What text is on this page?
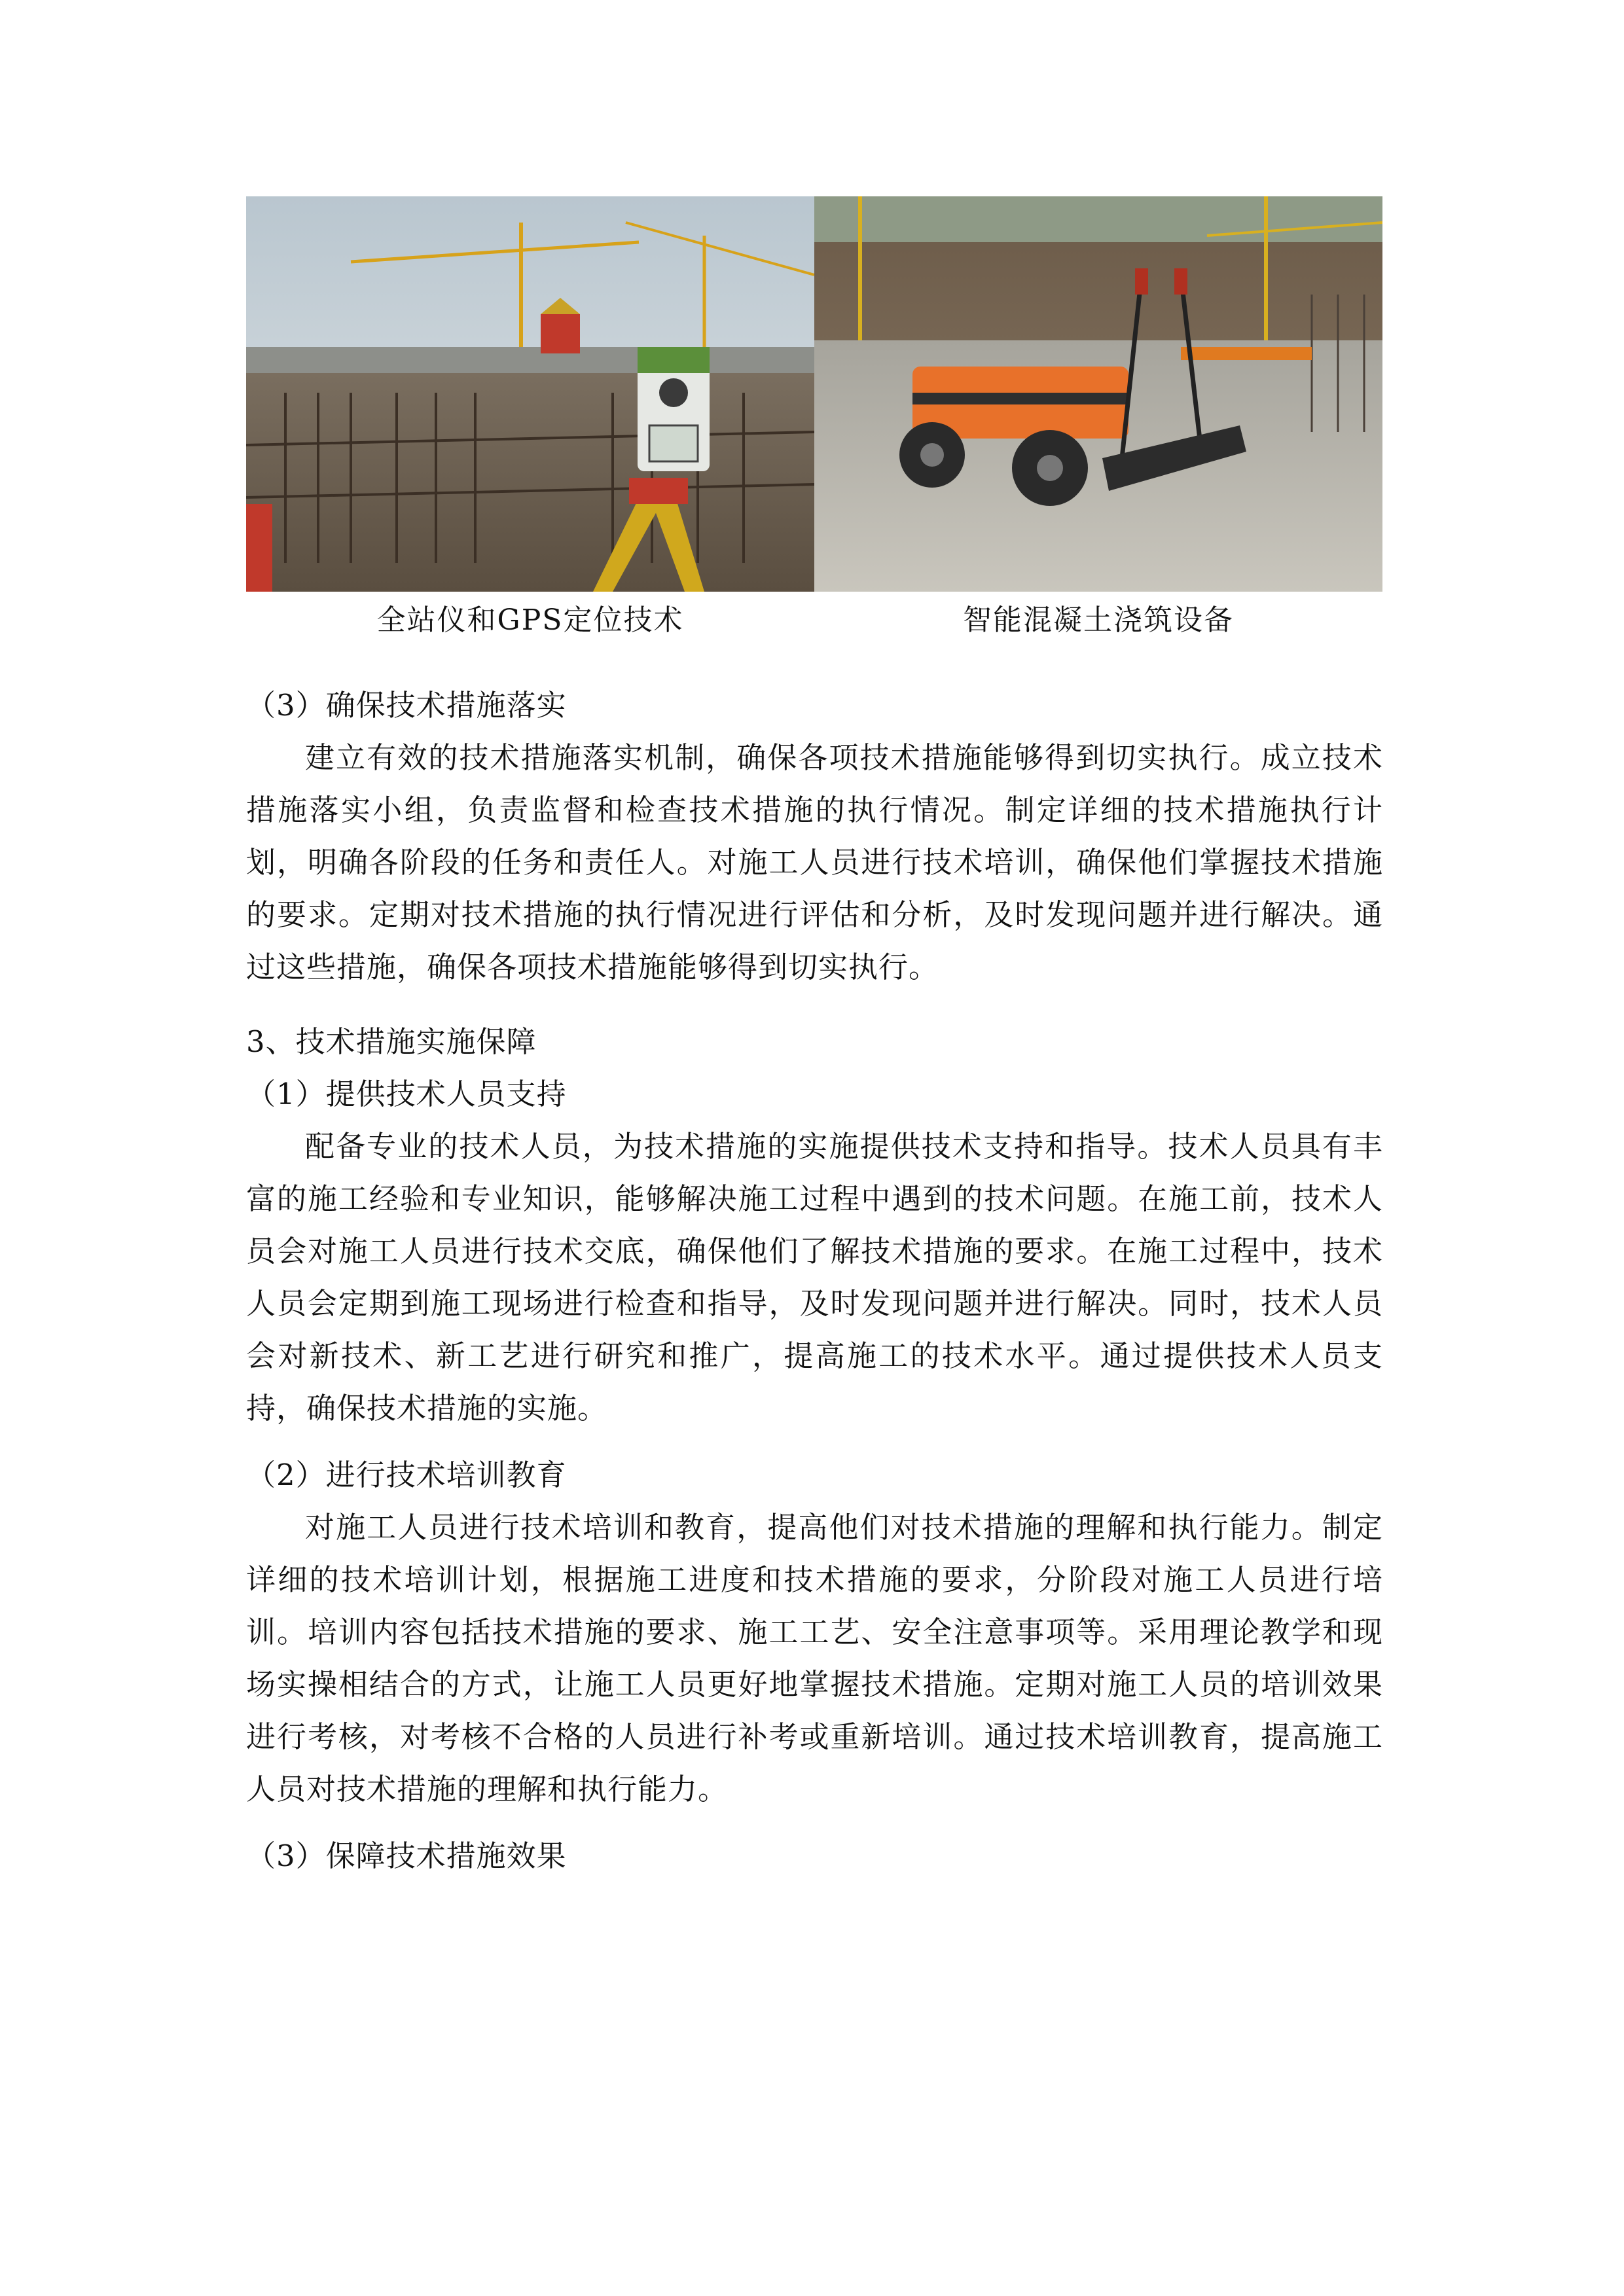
全站仪和GPS定位技术	智能混凝土浇筑设备

（3）确保技术措施落实

建立有效的技术措施落实机制，确保各项技术措施能够得到切实执行。成立技术措施落实小组，负责监督和检查技术措施的执行情况。制定详细的技术措施执行计划，明确各阶段的任务和责任人。对施工人员进行技术培训，确保他们掌握技术措施的要求。定期对技术措施的执行情况进行评估和分析，及时发现问题并进行解决。通过这些措施，确保各项技术措施能够得到切实执行。

3、技术措施实施保障

（1）提供技术人员支持

配备专业的技术人员，为技术措施的实施提供技术支持和指导。技术人员具有丰富的施工经验和专业知识，能够解决施工过程中遇到的技术问题。在施工前，技术人员会对施工人员进行技术交底，确保他们了解技术措施的要求。在施工过程中，技术人员会定期到施工现场进行检查和指导，及时发现问题并进行解决。同时，技术人员会对新技术、新工艺进行研究和推广，提高施工的技术水平。通过提供技术人员支持，确保技术措施的实施。

（2）进行技术培训教育

对施工人员进行技术培训和教育，提高他们对技术措施的理解和执行能力。制定详细的技术培训计划，根据施工进度和技术措施的要求，分阶段对施工人员进行培训。培训内容包括技术措施的要求、施工工艺、安全注意事项等。采用理论教学和现场实操相结合的方式，让施工人员更好地掌握技术措施。定期对施工人员的培训效果进行考核，对考核不合格的人员进行补考或重新培训。通过技术培训教育，提高施工人员对技术措施的理解和执行能力。

（3）保障技术措施效果
